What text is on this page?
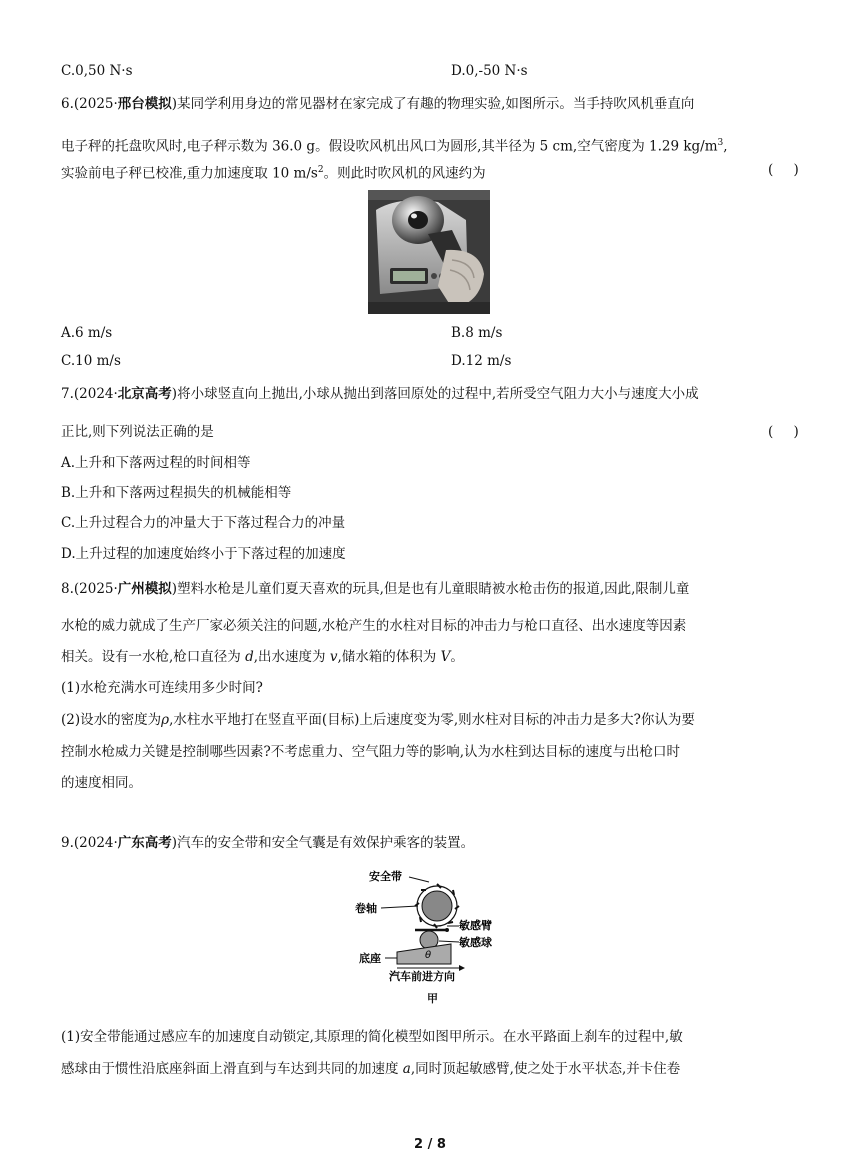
C.0,50 N·s	D.0,-50 N·s
6.(2025·邢台模拟)某同学利用身边的常见器材在家完成了有趣的物理实验,如图所示。当手持吹风机垂直向
电子秤的托盘吹风时,电子秤示数为 36.0 g。假设吹风机出风口为圆形,其半径为 5 cm,空气密度为 1.29 $kg/m^3$,
实验前电子秤已校准,重力加速度取 10 $m/s^2$。则此时吹风机的风速约为	( )
A.6 m/s	B.8 m/s
C.10 m/s	D.12 m/s
7.(2024·北京高考)将小球竖直向上抛出,小球从抛出到落回原处的过程中,若所受空气阻力大小与速度大小成
正比,则下列说法正确的是	( )
A.上升和下落两过程的时间相等
B.上升和下落两过程损失的机械能相等
C.上升过程合力的冲量大于下落过程合力的冲量
D.上升过程的加速度始终小于下落过程的加速度
8.(2025·广州模拟)塑料水枪是儿童们夏天喜欢的玩具,但是也有儿童眼睛被水枪击伤的报道,因此,限制儿童
水枪的威力就成了生产厂家必须关注的问题,水枪产生的水柱对目标的冲击力与枪口直径、出水速度等因素
相关。设有一水枪,枪口直径为 d,出水速度为 v,储水箱的体积为 V。
(1)水枪充满水可连续用多少时间?
(2)设水的密度为ρ,水柱水平地打在竖直平面(目标)上后速度变为零,则水柱对目标的冲击力是多大?你认为要
控制水枪威力关键是控制哪些因素?不考虑重力、空气阻力等的影响,认为水柱到达目标的速度与出枪口时
的速度相同。
9.(2024·广东高考)汽车的安全带和安全气囊是有效保护乘客的装置。
安全带
卷轴
敏感臂
敏感球
θ
底座
汽车前进方向
甲
(1)安全带能通过感应车的加速度自动锁定,其原理的简化模型如图甲所示。在水平路面上刹车的过程中,敏
感球由于惯性沿底座斜面上滑直到与车达到共同的加速度 a,同时顶起敏感臂,使之处于水平状态,并卡住卷
2 / 8
